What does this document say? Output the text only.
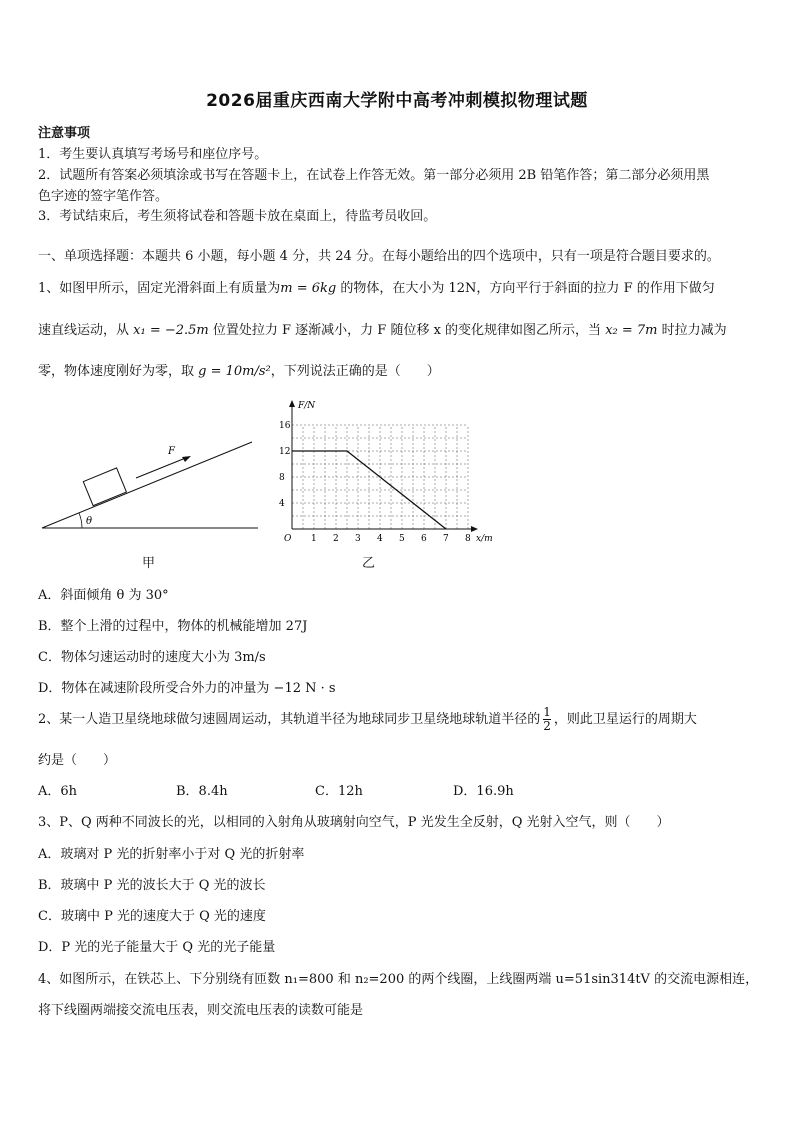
2026届重庆西南大学附中高考冲刺模拟物理试题
注意事项
1．考生要认真填写考场号和座位序号。
2．试题所有答案必须填涂或书写在答题卡上，在试卷上作答无效。第一部分必须用 2B 铅笔作答；第二部分必须用黑
色字迹的签字笔作答。
3．考试结束后，考生须将试卷和答题卡放在桌面上，待监考员收回。
一、单项选择题：本题共 6 小题，每小题 4 分，共 24 分。在每小题给出的四个选项中，只有一项是符合题目要求的。
1、如图甲所示，固定光滑斜面上有质量为m = 6kg 的物体，在大小为 12N，方向平行于斜面的拉力 F 的作用下做匀
速直线运动，从 x₁ = −2.5m 位置处拉力 F 逐渐减小，力 F 随位移 x 的变化规律如图乙所示，当 x₂ = 7m 时拉力减为
零，物体速度刚好为零，取 g = 10m/s²，下列说法正确的是（　　）
θ
F
甲
F/N
x/m
O 1 2 3 4 5 6 7 8
4
8
12
16
乙
A．斜面倾角 θ 为 30°
B．整个上滑的过程中，物体的机械能增加 27J
C．物体匀速运动时的速度大小为 3m/s
D．物体在减速阶段所受合外力的冲量为 −12 N · s
2、某一人造卫星绕地球做匀速圆周运动，其轨道半径为地球同步卫星绕地球轨道半径的 $\frac{1}{2}$ ，则此卫星运行的周期大
约是（　　）
A．6h	B．8.4h	C．12h	D．16.9h
3、P、Q 两种不同波长的光，以相同的入射角从玻璃射向空气，P 光发生全反射，Q 光射入空气，则（　　）
A．玻璃对 P 光的折射率小于对 Q 光的折射率
B．玻璃中 P 光的波长大于 Q 光的波长
C．玻璃中 P 光的速度大于 Q 光的速度
D．P 光的光子能量大于 Q 光的光子能量
4、如图所示，在铁芯上、下分别绕有匝数 n₁=800 和 n₂=200 的两个线圈，上线圈两端 u=51sin314tV 的交流电源相连，
将下线圈两端接交流电压表，则交流电压表的读数可能是
